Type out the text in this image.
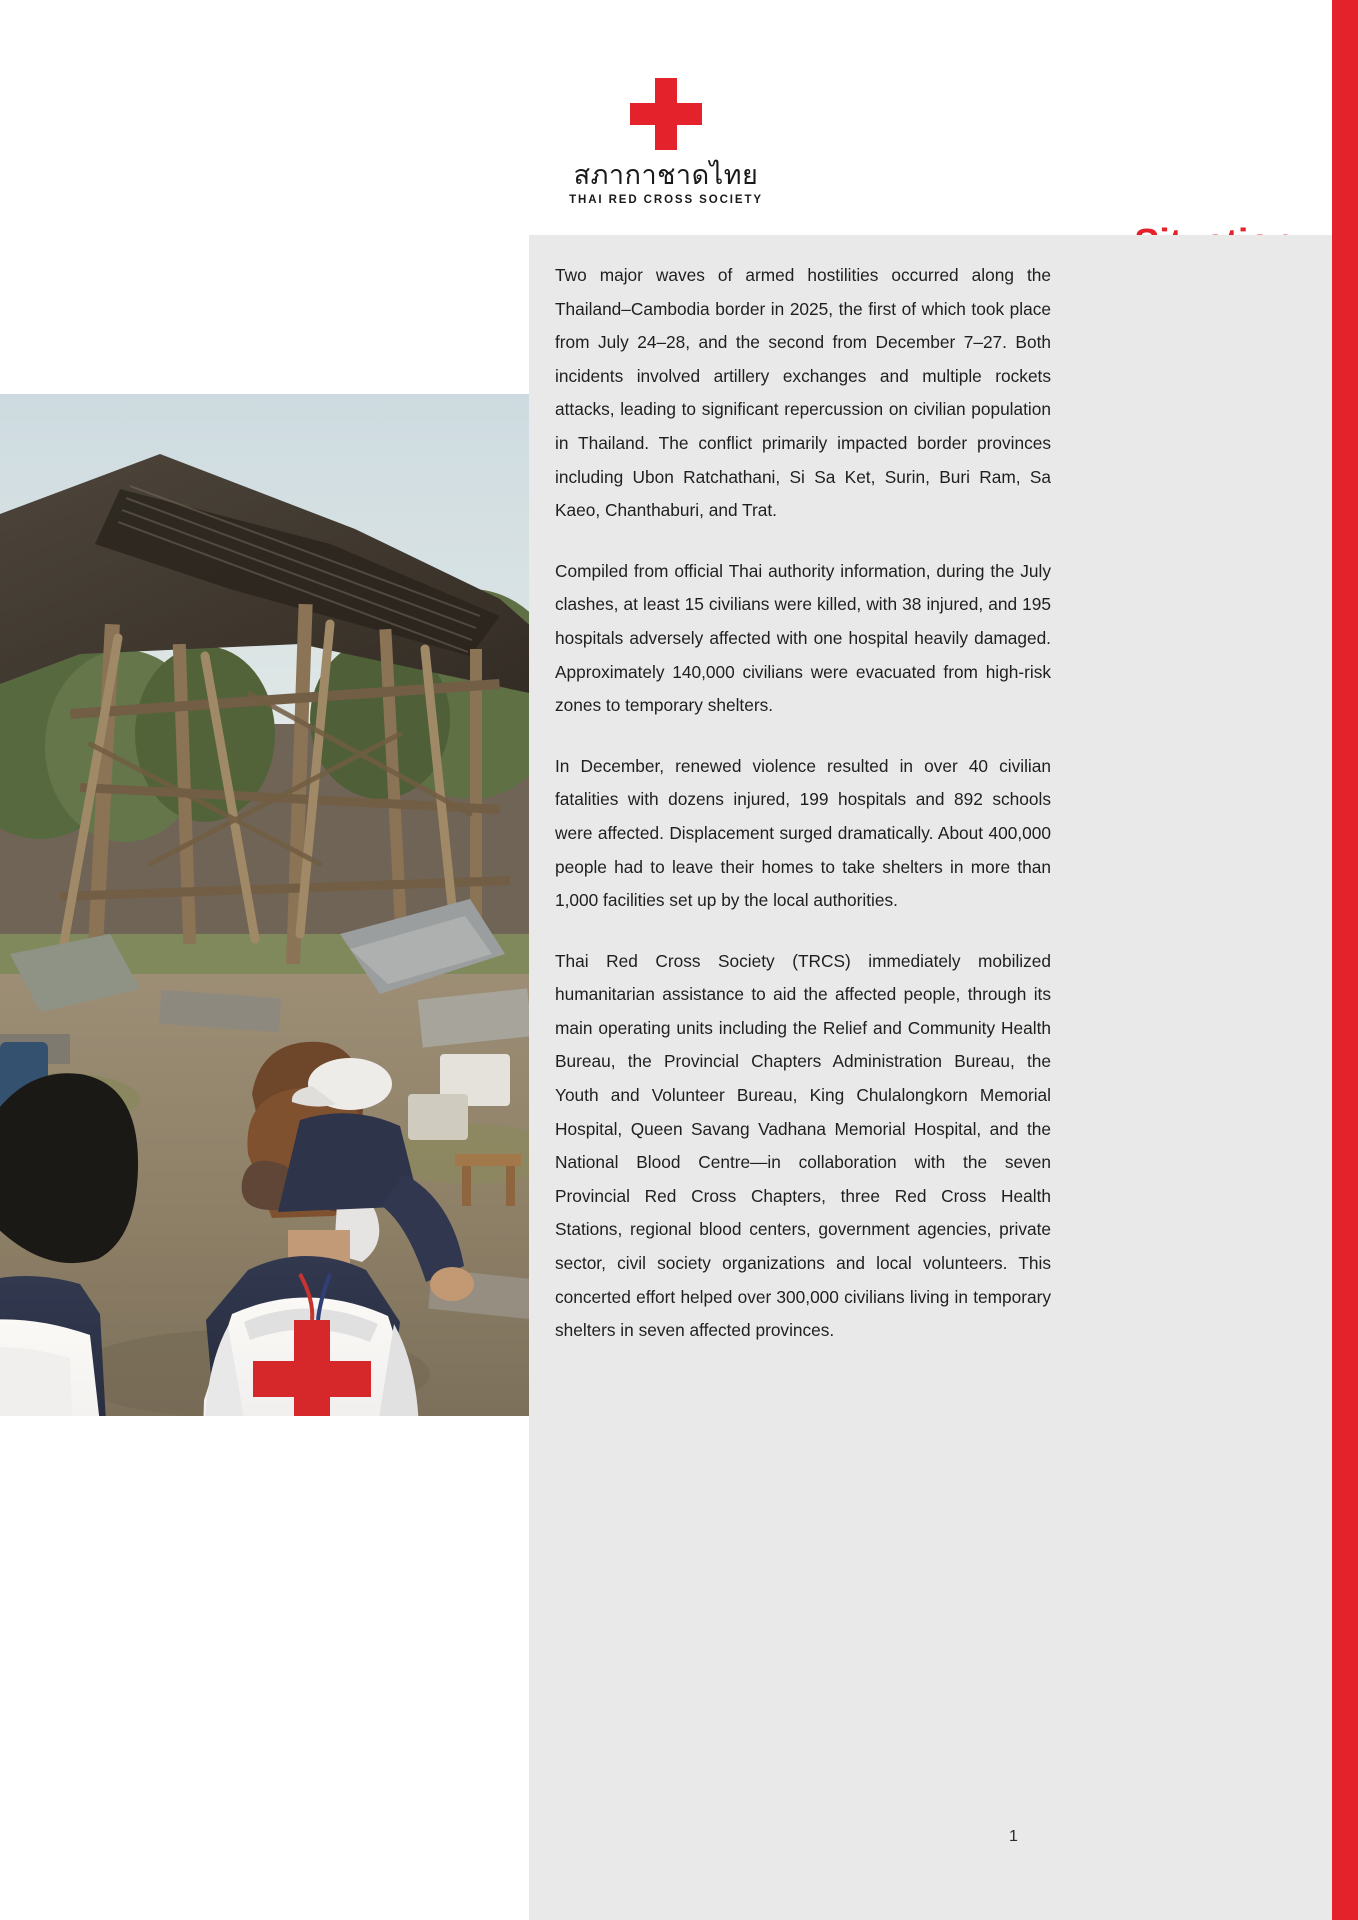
สภากาชาดไทย
THAI RED CROSS SOCIETY

Two major waves of armed hostilities occurred along the Thailand–Cambodia border in 2025, the first of which took place from July 24–28, and the second from December 7–27. Both incidents involved artillery exchanges and multiple rockets attacks, leading to significant repercussion on civilian population in Thailand. The conflict primarily impacted border provinces including Ubon Ratchathani, Si Sa Ket, Surin, Buri Ram, Sa Kaeo, Chanthaburi, and Trat.

Compiled from official Thai authority information, during the July clashes, at least 15 civilians were killed, with 38 injured, and 195 hospitals adversely affected with one hospital heavily damaged. Approximately 140,000 civilians were evacuated from high-risk zones to temporary shelters.

In December, renewed violence resulted in over 40 civilian fatalities with dozens injured, 199 hospitals and 892 schools were affected. Displacement surged dramatically. About 400,000 people had to leave their homes to take shelters in more than 1,000 facilities set up by the local authorities.

Thai Red Cross Society (TRCS) immediately mobilized humanitarian assistance to aid the affected people, through its main operating units including the Relief and Community Health Bureau, the Provincial Chapters Administration Bureau, the Youth and Volunteer Bureau, King Chulalongkorn Memorial Hospital, Queen Savang Vadhana Memorial Hospital, and the National Blood Centre—in collaboration with the seven Provincial Red Cross Chapters, three Red Cross Health Stations, regional blood centers, government agencies, private sector, civil society organizations and local volunteers. This concerted effort helped over 300,000 civilians living in temporary shelters in seven affected provinces.

1
